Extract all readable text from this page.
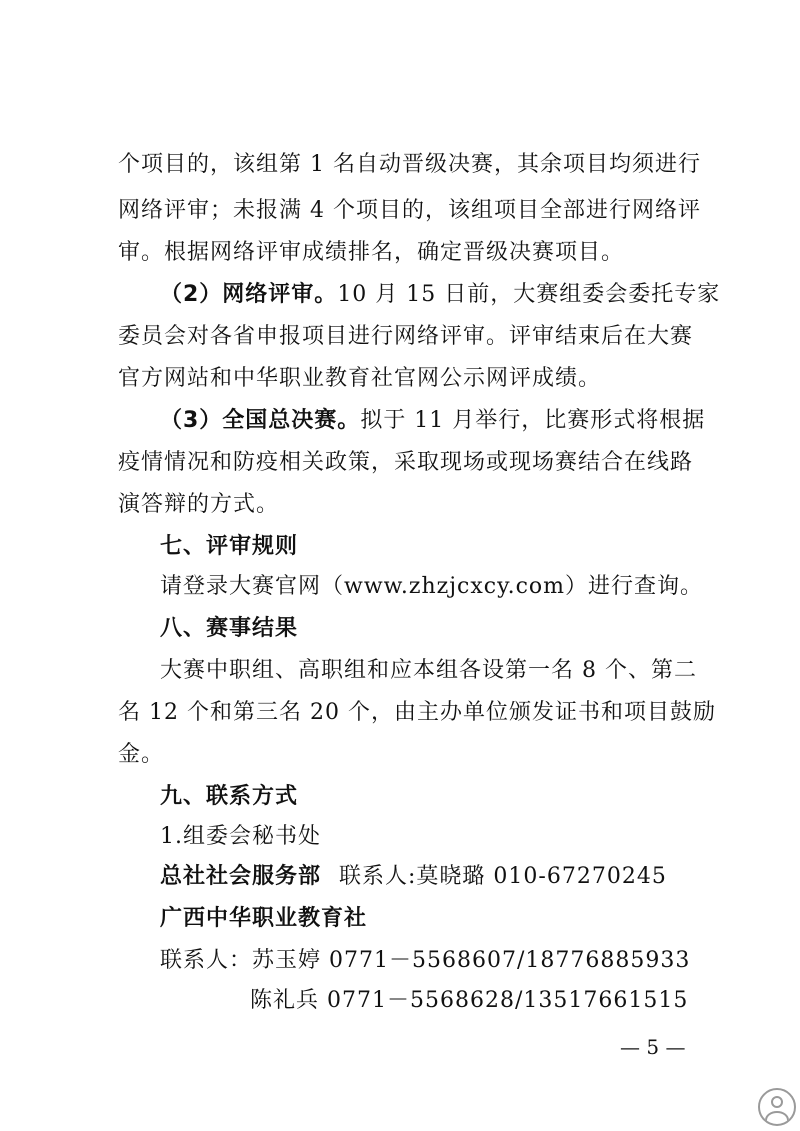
个项目的，该组第 1 名自动晋级决赛，其余项目均须进行
网络评审；未报满 4 个项目的，该组项目全部进行网络评
审。根据网络评审成绩排名，确定晋级决赛项目。
（2）网络评审。10 月 15 日前，大赛组委会委托专家
委员会对各省申报项目进行网络评审。评审结束后在大赛
官方网站和中华职业教育社官网公示网评成绩。
（3）全国总决赛。拟于 11 月举行，比赛形式将根据
疫情情况和防疫相关政策，采取现场或现场赛结合在线路
演答辩的方式。
七、评审规则
请登录大赛官网（www.zhzjcxcy.com）进行查询。
八、赛事结果
大赛中职组、高职组和应本组各设第一名 8 个、第二
名 12 个和第三名 20 个，由主办单位颁发证书和项目鼓励
金。
九、联系方式
1.组委会秘书处
总社社会服务部 联系人:莫晓璐 010-67270245
广西中华职业教育社
联系人：苏玉婷 0771－5568607/18776885933
陈礼兵 0771－5568628/13517661515
— 5 —
